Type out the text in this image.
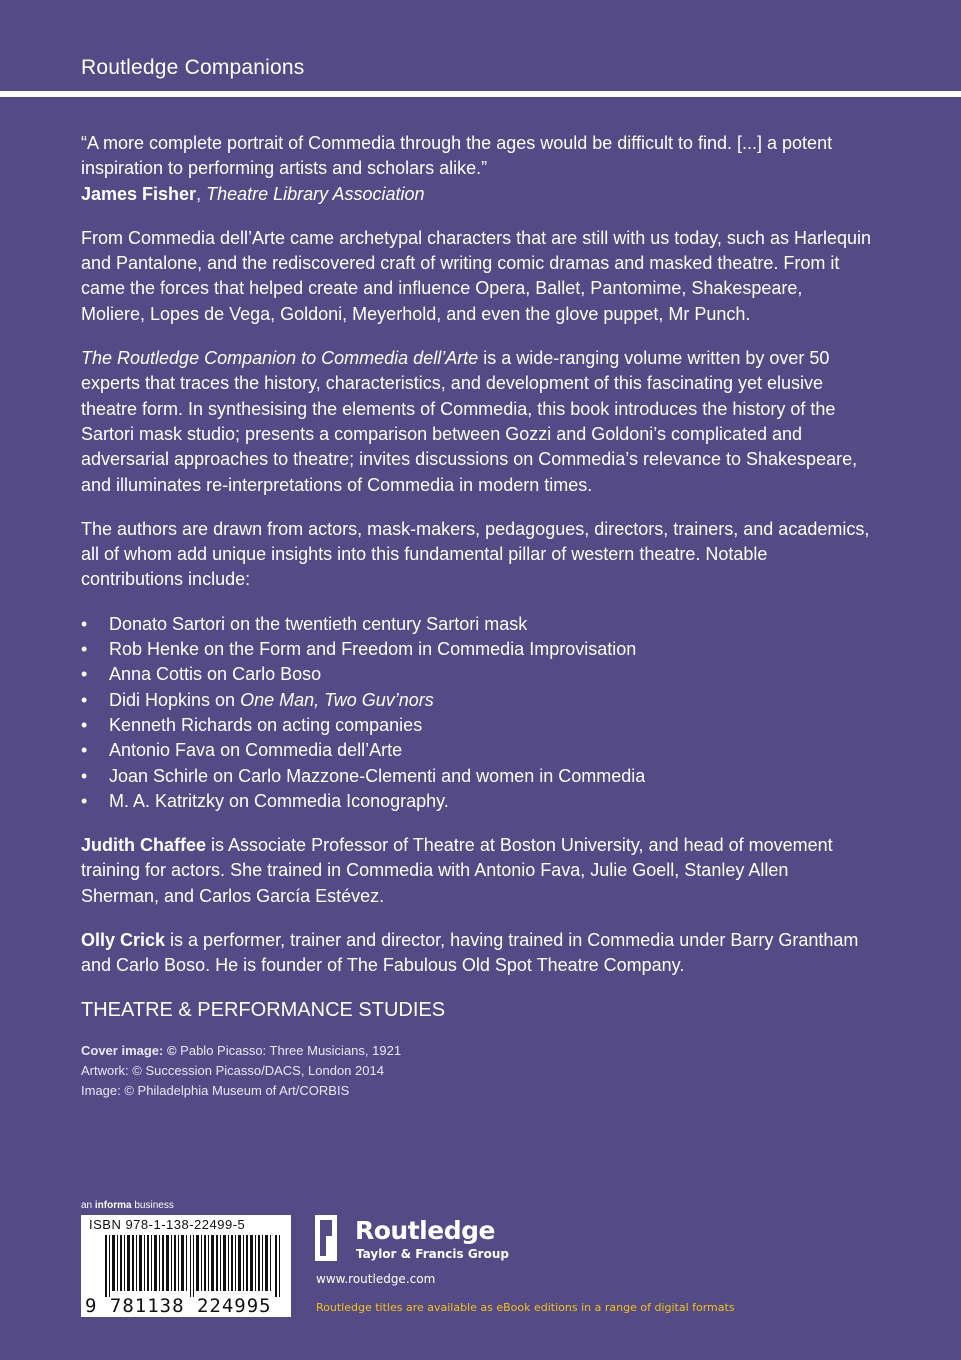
Routledge Companions

“A more complete portrait of Commedia through the ages would be difficult to find. [...] a potent inspiration to performing artists and scholars alike.”

James Fisher, Theatre Library Association

From Commedia dell’Arte came archetypal characters that are still with us today, such as Harlequin and Pantalone, and the rediscovered craft of writing comic dramas and masked theatre. From it came the forces that helped create and influence Opera, Ballet, Pantomime, Shakespeare, Moliere, Lopes de Vega, Goldoni, Meyerhold, and even the glove puppet, Mr Punch.

The Routledge Companion to Commedia dell’Arte is a wide-ranging volume written by over 50 experts that traces the history, characteristics, and development of this fascinating yet elusive theatre form. In synthesising the elements of Commedia, this book introduces the history of the Sartori mask studio; presents a comparison between Gozzi and Goldoni’s complicated and adversarial approaches to theatre; invites discussions on Commedia’s relevance to Shakespeare, and illuminates re-interpretations of Commedia in modern times.

The authors are drawn from actors, mask-makers, pedagogues, directors, trainers, and academics, all of whom add unique insights into this fundamental pillar of western theatre. Notable contributions include:

• Donato Sartori on the twentieth century Sartori mask
• Rob Henke on the Form and Freedom in Commedia Improvisation
• Anna Cottis on Carlo Boso
• Didi Hopkins on One Man, Two Guv’nors
• Kenneth Richards on acting companies
• Antonio Fava on Commedia dell’Arte
• Joan Schirle on Carlo Mazzone-Clementi and women in Commedia
• M. A. Katritzky on Commedia Iconography.

Judith Chaffee is Associate Professor of Theatre at Boston University, and head of movement training for actors. She trained in Commedia with Antonio Fava, Julie Goell, Stanley Allen Sherman, and Carlos García Estévez.

Olly Crick is a performer, trainer and director, having trained in Commedia under Barry Grantham and Carlo Boso. He is founder of The Fabulous Old Spot Theatre Company.

THEATRE & PERFORMANCE STUDIES
Cover image: © Pablo Picasso: Three Musicians, 1921
Artwork: © Succession Picasso/DACS, London 2014
Image: © Philadelphia Museum of Art/CORBIS
an informa business
ISBN 978-1-138-22499-5
9 781138 224995
Routledge
Taylor & Francis Group
www.routledge.com
Routledge titles are available as eBook editions in a range of digital formats
